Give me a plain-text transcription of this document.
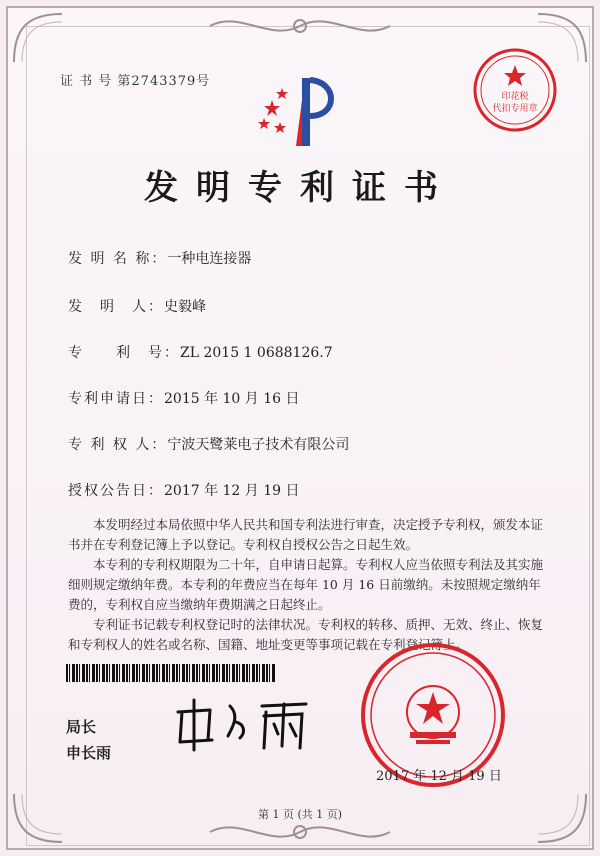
证 书 号 第2743379号
印花税
代扣专用章
发明专利证书
发 明 名 称：一种电连接器
发　明　人：史毅峰
专　　利　号：ZL 2015 1 0688126.7
专利申请日：2015 年 10 月 16 日
专 利 权 人：宁波天鹭莱电子技术有限公司
授权公告日：2017 年 12 月 19 日

本发明经过本局依照中华人民共和国专利法进行审查，决定授予专利权，颁发本证书并在专利登记簿上予以登记。专利权自授权公告之日起生效。

本专利的专利权期限为二十年，自申请日起算。专利权人应当依照专利法及其实施细则规定缴纳年费。本专利的年费应当在每年 10 月 16 日前缴纳。未按照规定缴纳年费的，专利权自应当缴纳年费期满之日起终止。

专利证书记载专利权登记时的法律状况。专利权的转移、质押、无效、终止、恢复和专利权人的姓名或名称、国籍、地址变更等事项记载在专利登记簿上。

局长
申长雨
2017 年 12 月 19 日
第 1 页 (共 1 页)
